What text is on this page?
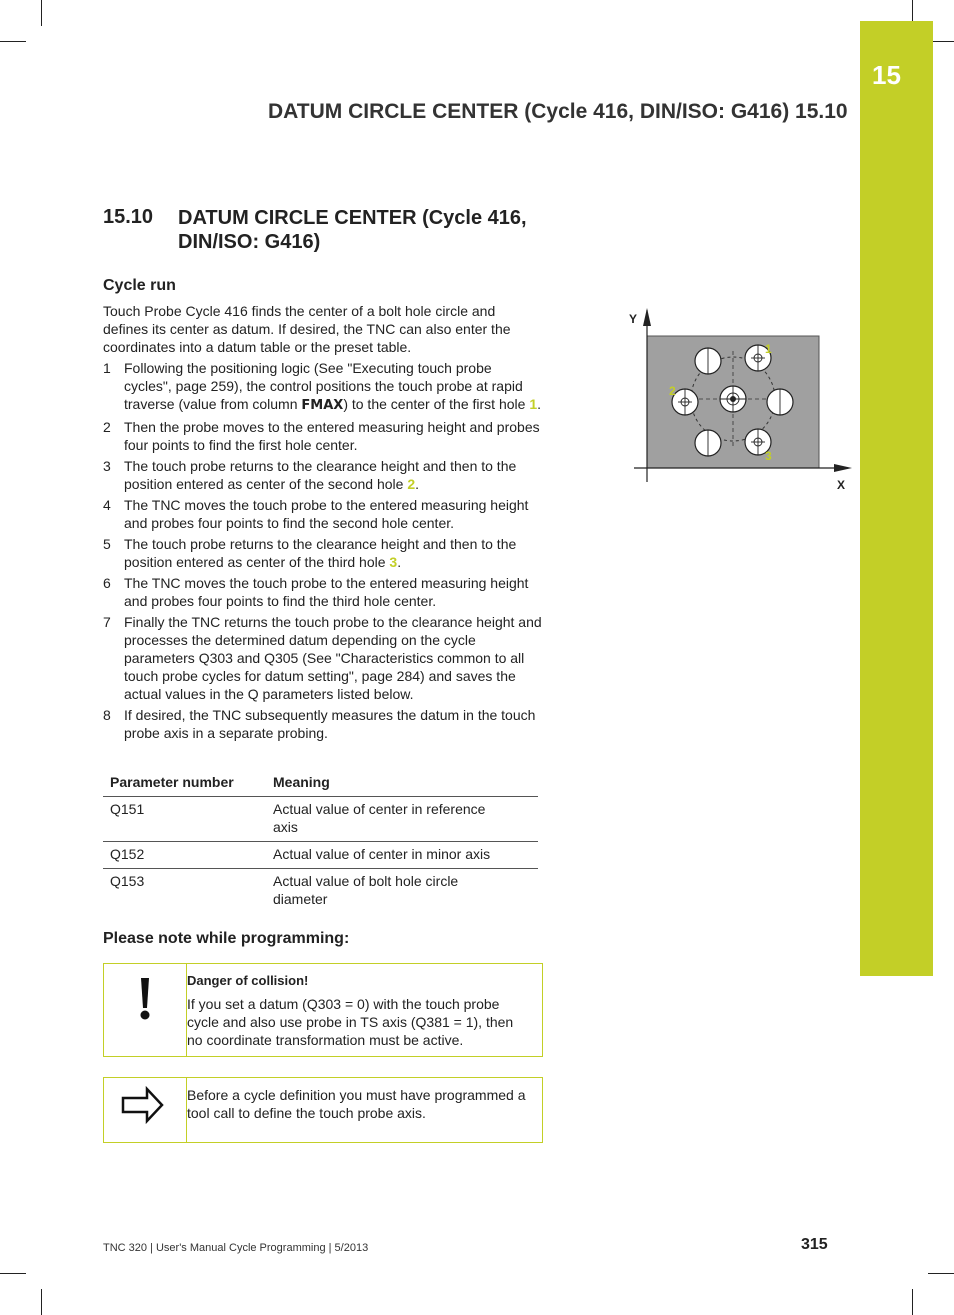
15
DATUM CIRCLE CENTER (Cycle 416, DIN/ISO: G416) 15.10
15.10	DATUM CIRCLE CENTER (Cycle 416, DIN/ISO: G416)
Cycle run
Touch Probe Cycle 416 finds the center of a bolt hole circle and defines its center as datum. If desired, the TNC can also enter the coordinates into a datum table or the preset table.
1 Following the positioning logic (See "Executing touch probe cycles", page 259), the control positions the touch probe at rapid traverse (value from column FMAX) to the center of the first hole 1.
2 Then the probe moves to the entered measuring height and probes four points to find the first hole center.
3 The touch probe returns to the clearance height and then to the position entered as center of the second hole 2.
4 The TNC moves the touch probe to the entered measuring height and probes four points to find the second hole center.
5 The touch probe returns to the clearance height and then to the position entered as center of the third hole 3.
6 The TNC moves the touch probe to the entered measuring height and probes four points to find the third hole center.
7 Finally the TNC returns the touch probe to the clearance height and processes the determined datum depending on the cycle parameters Q303 and Q305 (See "Characteristics common to all touch probe cycles for datum setting", page 284) and saves the actual values in the Q parameters listed below.
8 If desired, the TNC subsequently measures the datum in the touch probe axis in a separate probing.
Parameter number	Meaning
Q151	Actual value of center in reference axis
Q152	Actual value of center in minor axis
Q153	Actual value of bolt hole circle diameter
Please note while programming:
Danger of collision!
If you set a datum (Q303 = 0) with the touch probe cycle and also use probe in TS axis (Q381 = 1), then no coordinate transformation must be active.
Before a cycle definition you must have programmed a tool call to define the touch probe axis.
Y
X
1
2
3
TNC 320 | User's Manual Cycle Programming | 5/2013	315
